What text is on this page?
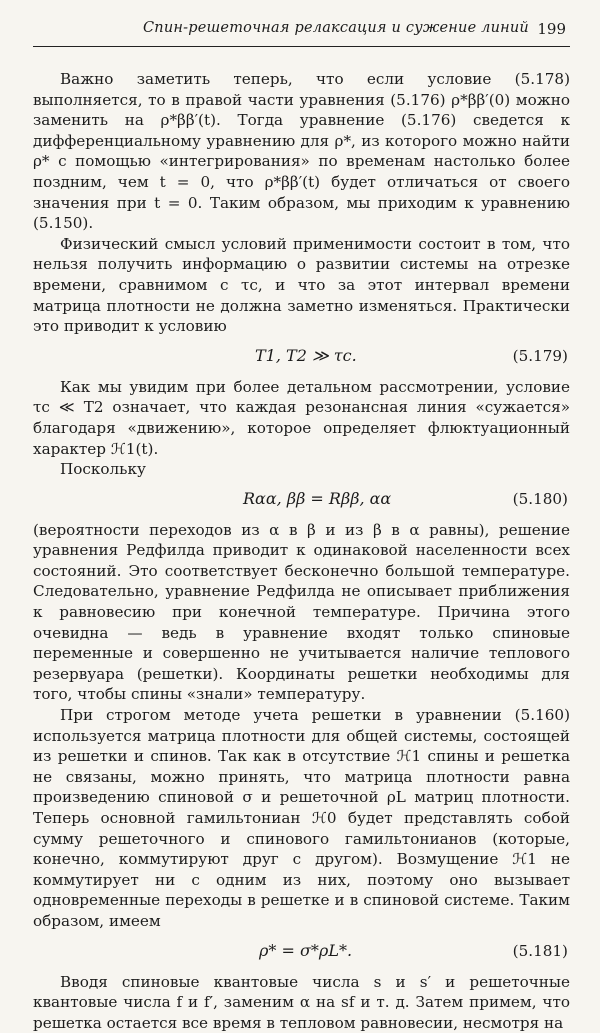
Спин-решеточная релаксация и сужение линий 199

Важно заметить теперь, что если условие (5.178) выполняется, то в правой части уравнения (5.176) ρ*ββ′(0) можно заменить на ρ*ββ′(t). Тогда уравнение (5.176) сведется к дифференциальному уравнению для ρ*, из которого можно найти ρ* с помощью «интегрирования» по временам настолько более поздним, чем t = 0, что ρ*ββ′(t) будет отличаться от своего значения при t = 0. Таким образом, мы приходим к уравнению (5.150).

Физический смысл условий применимости состоит в том, что нельзя получить информацию о развитии системы на отрезке времени, сравнимом с τc, и что за этот интервал времени матрица плотности не должна заметно изменяться. Практически это приводит к условию

T1, T2 ≫ τc.	(5.179)

Как мы увидим при более детальном рассмотрении, условие τc ≪ T2 означает, что каждая резонансная линия «сужается» благодаря «движению», которое определяет флюктуационный характер ℋ1(t).

Поскольку

Rαα, ββ = Rββ, αα	(5.180)

(вероятности переходов из α в β и из β в α равны), решение уравнения Редфилда приводит к одинаковой населенности всех состояний. Это соответствует бесконечно большой температуре. Следовательно, уравнение Редфилда не описывает приближения к равновесию при конечной температуре. Причина этого очевидна — ведь в уравнение входят только спиновые переменные и совершенно не учитывается наличие теплового резервуара (решетки). Координаты решетки необходимы для того, чтобы спины «знали» температуру.

При строгом методе учета решетки в уравнении (5.160) используется матрица плотности для общей системы, состоящей из решетки и спинов. Так как в отсутствие ℋ1 спины и решетка не связаны, можно принять, что матрица плотности равна произведению спиновой σ и решеточной ρL матриц плотности. Теперь основной гамильтониан ℋ0 будет представлять собой сумму решеточного и спинового гамильтонианов (которые, конечно, коммутируют друг с другом). Возмущение ℋ1 не коммутирует ни с одним из них, поэтому оно вызывает одновременные переходы в решетке и в спиновой системе. Таким образом, имеем

ρ* = σ*ρL*.	(5.181)

Вводя спиновые квантовые числа s и s′ и решеточные квантовые числа f и f′, заменим α на sf и т. д. Затем примем, что решетка остается все время в тепловом равновесии, несмотря на
